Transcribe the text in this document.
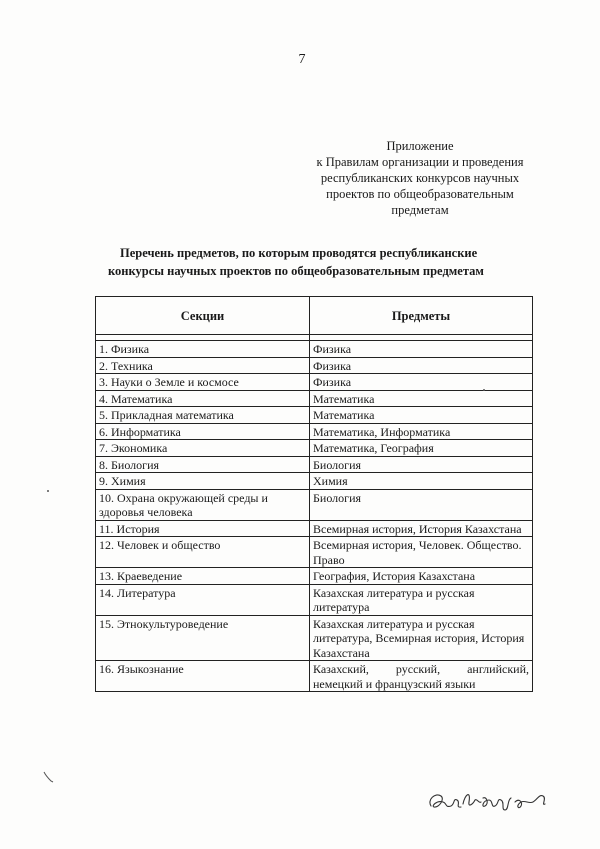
7
Приложение
к Правилам организации и проведения
республиканских конкурсов научных
проектов по общеобразовательным
предметам
Перечень предметов, по которым проводятся республиканские
конкурсы научных проектов по общеобразовательным предметам
Секции	Предметы

1. Физика	Физика
2. Техника	Физика
3. Науки о Земле и космосе	Физика
4. Математика	Математика
5. Прикладная математика	Математика
6. Информатика	Математика, Информатика
7. Экономика	Математика, География
8. Биология	Биология
9. Химия	Химия
10. Охрана окружающей среды и здоровья человека	Биология
11. История	Всемирная история, История Казахстана
12. Человек и общество	Всемирная история, Человек. Общество. Право
13. Краеведение	География, История Казахстана
14. Литература	Казахская литература и русская литература
15. Этнокультуроведение	Казахская литература и русская литература, Всемирная история, История Казахстана
16. Языкознание	Казахский, русский, английский, немецкий и французский языки
